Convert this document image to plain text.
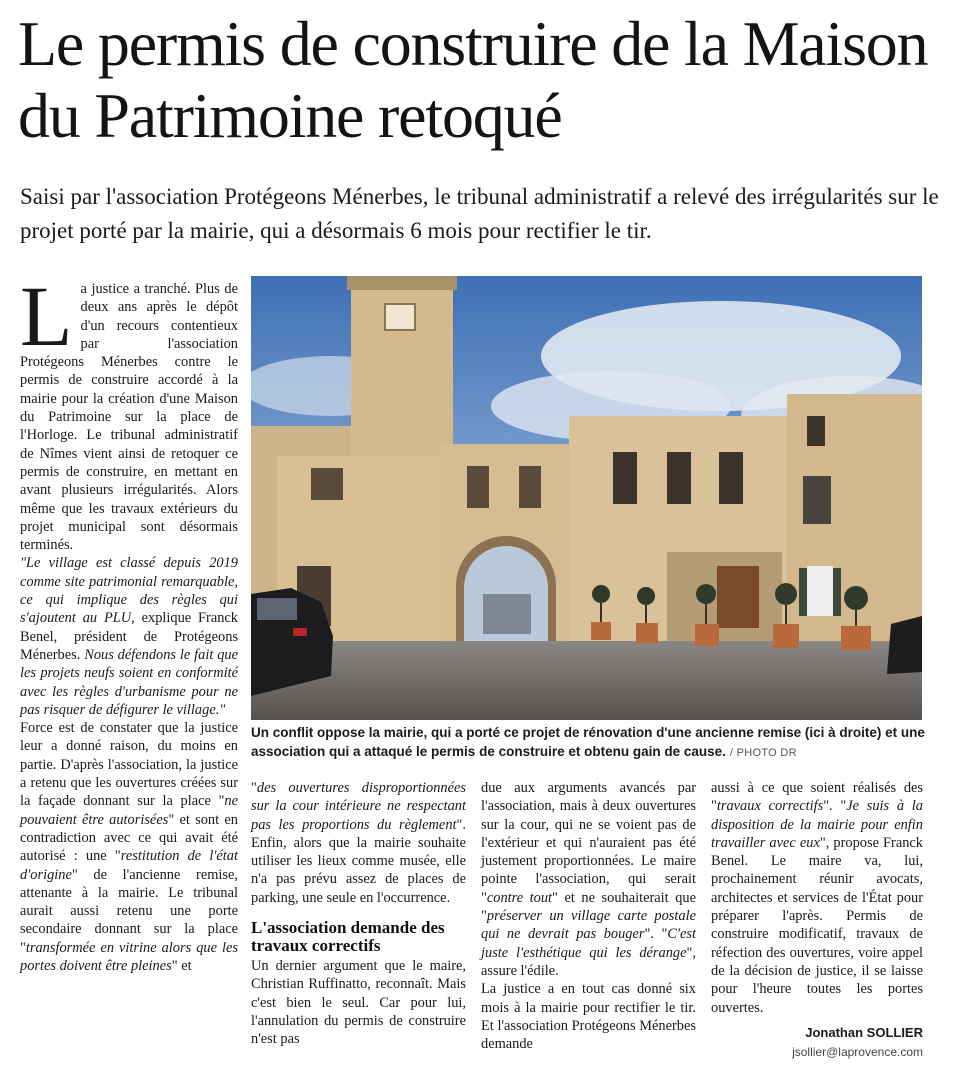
Le permis de construire de la Maison du Patrimoine retoqué

Saisi par l'association Protégeons Ménerbes, le tribunal administratif a relevé des irrégularités sur le projet porté par la mairie, qui a désormais 6 mois pour rectifier le tir.

La justice a tranché. Plus de deux ans après le dépôt d'un recours contentieux par l'association Protégeons Ménerbes contre le permis de construire accordé à la mairie pour la création d'une Maison du Patrimoine sur la place de l'Horloge. Le tribunal administratif de Nîmes vient ainsi de retoquer ce permis de construire, en mettant en avant plusieurs irrégularités. Alors même que les travaux extérieurs du projet municipal sont désormais terminés.

"Le village est classé depuis 2019 comme site patrimonial remarquable, ce qui implique des règles qui s'ajoutent au PLU, explique Franck Benel, président de Protégeons Ménerbes. Nous défendons le fait que les projets neufs soient en conformité avec les règles d'urbanisme pour ne pas risquer de défigurer le village."

Force est de constater que la justice leur a donné raison, du moins en partie. D'après l'association, la justice a retenu que les ouvertures créées sur la façade donnant sur la place "ne pouvaient être autorisées" et sont en contradiction avec ce qui avait été autorisé : une "restitution de l'état d'origine" de l'ancienne remise, attenante à la mairie. Le tribunal aurait aussi retenu une porte secondaire donnant sur la place "transformée en vitrine alors que les portes doivent être pleines" et

Un conflit oppose la mairie, qui a porté ce projet de rénovation d'une ancienne remise (ici à droite) et une association qui a attaqué le permis de construire et obtenu gain de cause. / PHOTO DR

"des ouvertures disproportionnées sur la cour intérieure ne respectant pas les proportions du règlement". Enfin, alors que la mairie souhaite utiliser les lieux comme musée, elle n'a pas prévu assez de places de parking, une seule en l'occurrence.

L'association demande des travaux correctifs

Un dernier argument que le maire, Christian Ruffinatto, reconnaît. Mais c'est bien le seul. Car pour lui, l'annulation du permis de construire n'est pas

due aux arguments avancés par l'association, mais à deux ouvertures sur la cour, qui ne se voient pas de l'extérieur et qui n'auraient pas été justement proportionnées. Le maire pointe l'association, qui serait "contre tout" et ne souhaiterait que "préserver un village carte postale qui ne devrait pas bouger". "C'est juste l'esthétique qui les dérange", assure l'édile.

La justice a en tout cas donné six mois à la mairie pour rectifier le tir. Et l'association Protégeons Ménerbes demande

aussi à ce que soient réalisés des "travaux correctifs". "Je suis à la disposition de la mairie pour enfin travailler avec eux", propose Franck Benel. Le maire va, lui, prochainement réunir avocats, architectes et services de l'État pour préparer l'après. Permis de construire modificatif, travaux de réfection des ouvertures, voire appel de la décision de justice, il se laisse pour l'heure toutes les portes ouvertes.

Jonathan SOLLIER
jsollier@laprovence.com
